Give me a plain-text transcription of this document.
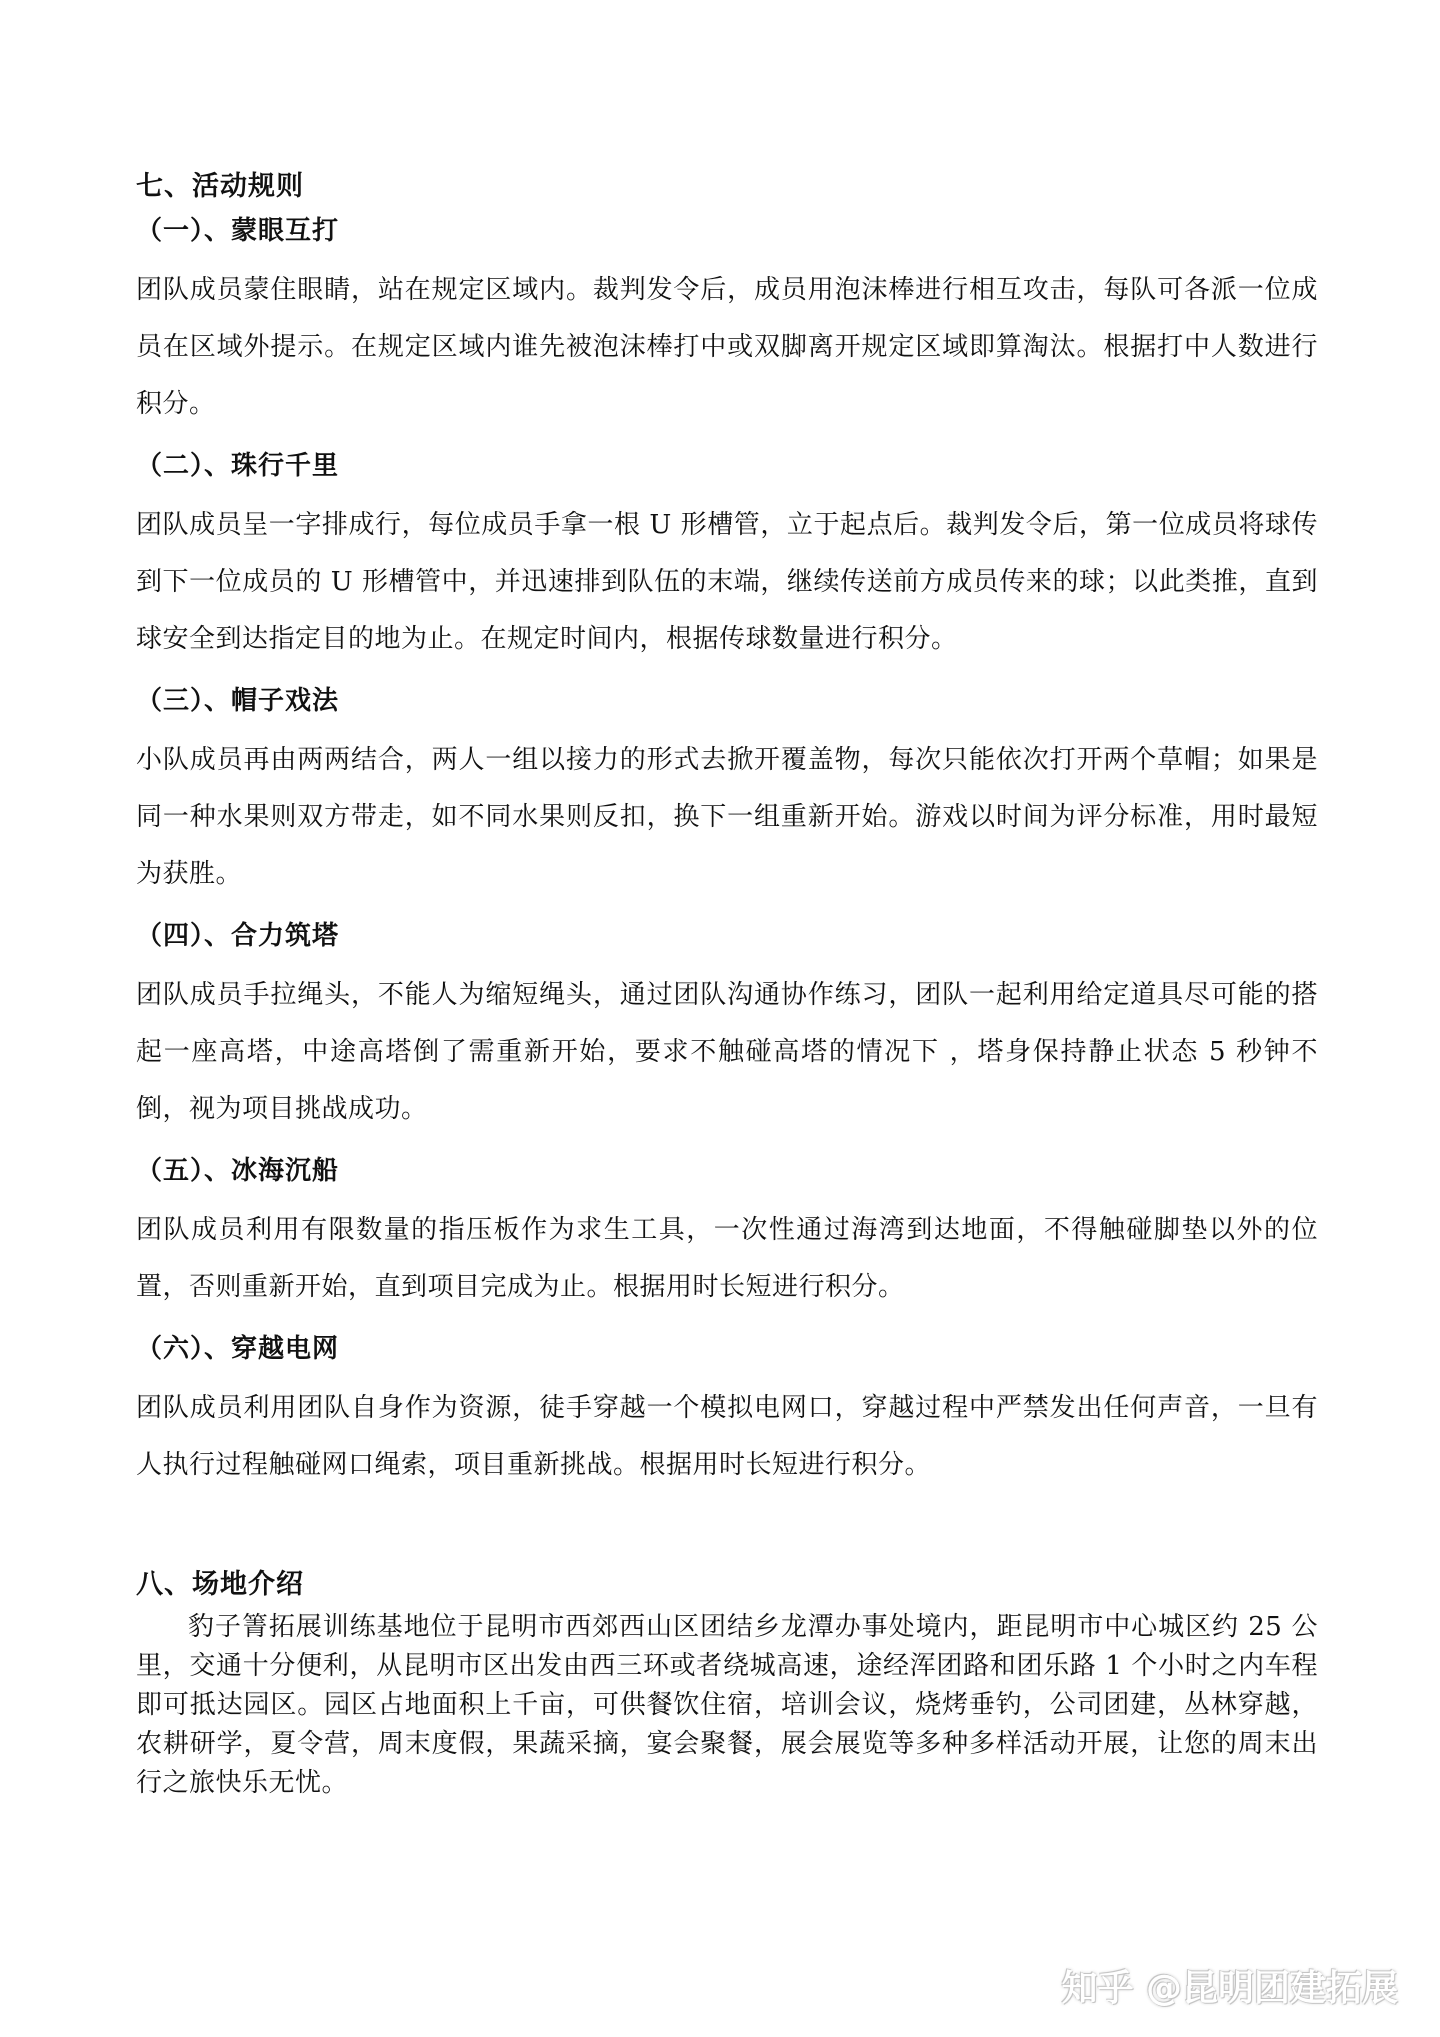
七、活动规则
（一）、蒙眼互打

团队成员蒙住眼睛，站在规定区域内。裁判发令后，成员用泡沫棒进行相互攻击，每队可各派一位成员在区域外提示。在规定区域内谁先被泡沫棒打中或双脚离开规定区域即算淘汰。根据打中人数进行积分。

（二）、珠行千里

团队成员呈一字排成行，每位成员手拿一根 U 形槽管，立于起点后。裁判发令后，第一位成员将球传到下一位成员的 U 形槽管中，并迅速排到队伍的末端，继续传送前方成员传来的球；以此类推，直到球安全到达指定目的地为止。在规定时间内，根据传球数量进行积分。

（三）、帽子戏法

小队成员再由两两结合，两人一组以接力的形式去掀开覆盖物，每次只能依次打开两个草帽；如果是同一种水果则双方带走，如不同水果则反扣，换下一组重新开始。游戏以时间为评分标准，用时最短为获胜。

（四）、合力筑塔

团队成员手拉绳头，不能人为缩短绳头，通过团队沟通协作练习，团队一起利用给定道具尽可能的搭起一座高塔，中途高塔倒了需重新开始，要求不触碰高塔的情况下 ，塔身保持静止状态 5 秒钟不倒，视为项目挑战成功。

（五）、冰海沉船

团队成员利用有限数量的指压板作为求生工具，一次性通过海湾到达地面，不得触碰脚垫以外的位置，否则重新开始，直到项目完成为止。根据用时长短进行积分。

（六）、穿越电网

团队成员利用团队自身作为资源，徒手穿越一个模拟电网口，穿越过程中严禁发出任何声音，一旦有人执行过程触碰网口绳索，项目重新挑战。根据用时长短进行积分。

八、场地介绍

豹子箐拓展训练基地位于昆明市西郊西山区团结乡龙潭办事处境内，距昆明市中心城区约 25 公里，交通十分便利，从昆明市区出发由西三环或者绕城高速，途经浑团路和团乐路 1 个小时之内车程即可抵达园区。园区占地面积上千亩，可供餐饮住宿，培训会议，烧烤垂钓，公司团建，丛林穿越，农耕研学，夏令营，周末度假，果蔬采摘，宴会聚餐，展会展览等多种多样活动开展，让您的周末出行之旅快乐无忧。

知乎 @昆明团建拓展
